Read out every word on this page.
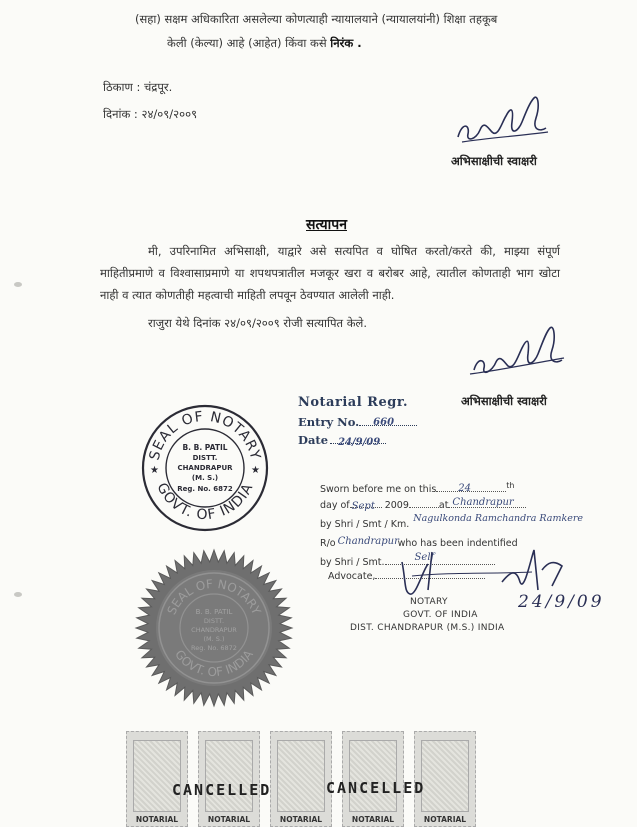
(सहा) सक्षम अधिकारिता असलेल्या कोणत्याही न्यायालयाने (न्यायालयांनी) शिक्षा तहकूब
केली (केल्या) आहे (आहेत) किंवा कसे निरंक .
ठिकाण : चंद्रपूर.
दिनांक : २४/०९/२००९
अभिसाक्षीची स्वाक्षरी
सत्यापन
मी, उपरिनामित अभिसाक्षी, याद्वारे असे सत्यपित व घोषित करतो/करते की, माझ्या संपूर्ण माहितीप्रमाणे व विश्वासाप्रमाणे या शपथपत्रातील मजकूर खरा व बरोबर आहे, त्यातील कोणताही भाग खोटा नाही व त्यात कोणतीही महत्वाची माहिती लपवून ठेवण्यात आलेली नाही.
राजुरा येथे दिनांक २४/०९/२००९ रोजी सत्यापित केले.
अभिसाक्षीची स्वाक्षरी
Notarial Regr.
Entry No. 660
Date 24/9/09
SEAL OF NOTARY
GOVT. OF INDIA
★	★
B. B. PATIL
DISTT.
CHANDRAPUR
(M. S.)
Reg. No. 6872	Sworn before me on this 24	$^{th}$
day of Sept 2009	at Chandrapur
by Shri / Smt / Km.
Nagulkonda Ramchandra Ramkere
R/o Chandrapur
who has been indentified
by Shri / Smt.	Self
Advocate,
NOTARY
GOVT. OF INDIA
DIST. CHANDRAPUR (M.S.) INDIA
24/9/09
SEAL OF NOTARY
GOVT. OF INDIA
B. B. PATIL
DISTT.
CHANDRAPUR
(M. S.)
Reg. No. 6872
NOTARIAL	NOTARIAL	NOTARIAL	NOTARIAL	NOTARIAL
CANCELLED	CANCELLED
